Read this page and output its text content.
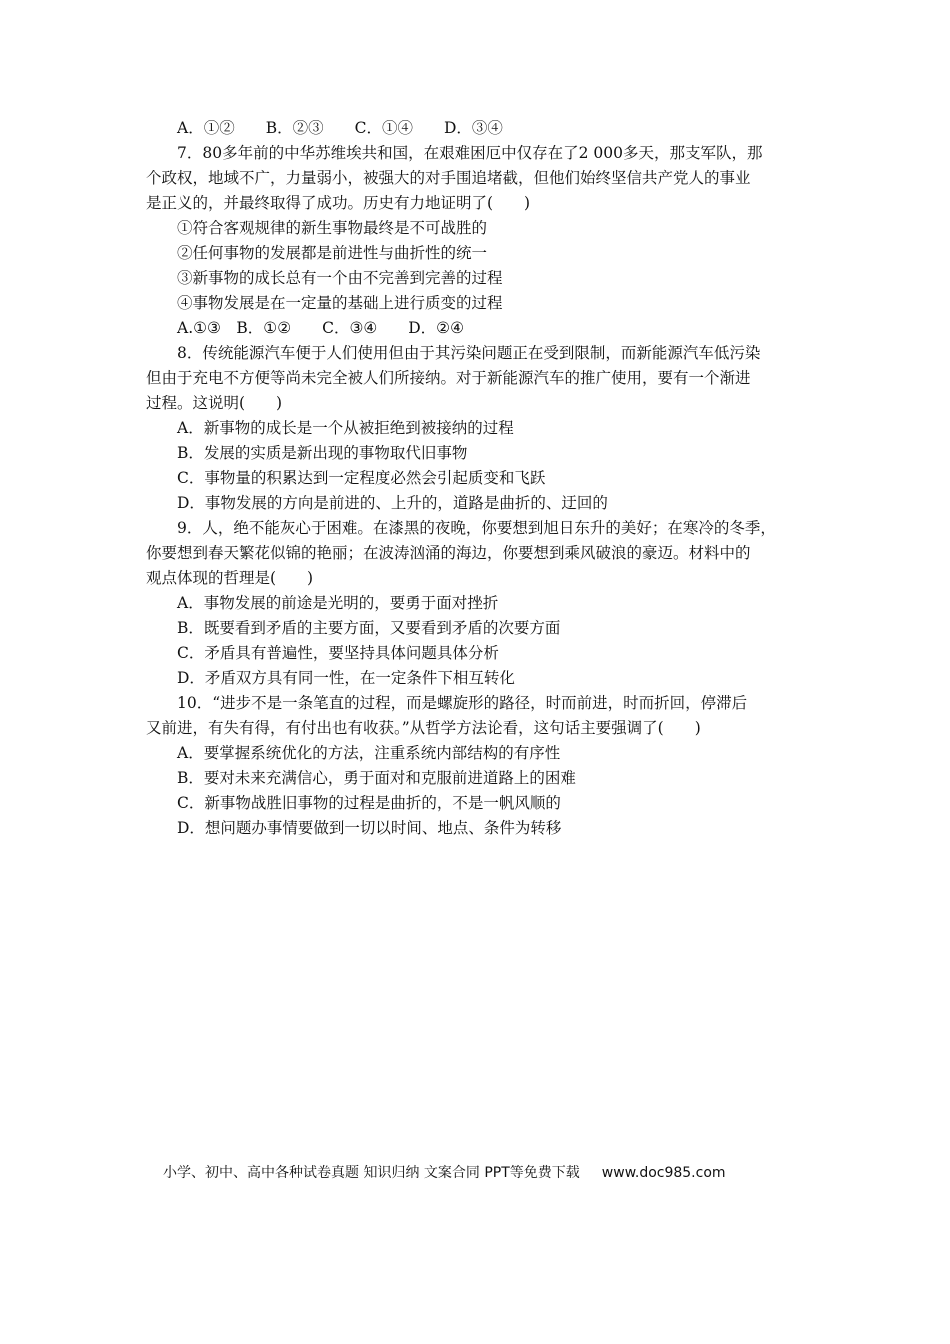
A．①②　　B．②③　　C．①④　　D．③④
7．80多年前的中华苏维埃共和国，在艰难困厄中仅存在了2 000多天，那支军队，那
个政权，地域不广，力量弱小，被强大的对手围追堵截，但他们始终坚信共产党人的事业
是正义的，并最终取得了成功。历史有力地证明了(　　)
①符合客观规律的新生事物最终是不可战胜的
②任何事物的发展都是前进性与曲折性的统一
③新事物的成长总有一个由不完善到完善的过程
④事物发展是在一定量的基础上进行质变的过程
A.①③　B．①②　　C．③④　　D．②④
8．传统能源汽车便于人们使用但由于其污染问题正在受到限制，而新能源汽车低污染
但由于充电不方便等尚未完全被人们所接纳。对于新能源汽车的推广使用，要有一个渐进
过程。这说明(　　)
A．新事物的成长是一个从被拒绝到被接纳的过程
B．发展的实质是新出现的事物取代旧事物
C．事物量的积累达到一定程度必然会引起质变和飞跃
D．事物发展的方向是前进的、上升的，道路是曲折的、迂回的
9．人，绝不能灰心于困难。在漆黑的夜晚，你要想到旭日东升的美好；在寒冷的冬季，
你要想到春天繁花似锦的艳丽；在波涛汹涌的海边，你要想到乘风破浪的豪迈。材料中的
观点体现的哲理是(　　)
A．事物发展的前途是光明的，要勇于面对挫折
B．既要看到矛盾的主要方面，又要看到矛盾的次要方面
C．矛盾具有普遍性，要坚持具体问题具体分析
D．矛盾双方具有同一性，在一定条件下相互转化
10．“进步不是一条笔直的过程，而是螺旋形的路径，时而前进，时而折回，停滞后
又前进，有失有得，有付出也有收获。”从哲学方法论看，这句话主要强调了(　　)
A．要掌握系统优化的方法，注重系统内部结构的有序性
B．要对未来充满信心，勇于面对和克服前进道路上的困难
C．新事物战胜旧事物的过程是曲折的，不是一帆风顺的
D．想问题办事情要做到一切以时间、地点、条件为转移
小学、初中、高中各种试卷真题 知识归纳 文案合同 PPT等免费下载 www.doc985.com
